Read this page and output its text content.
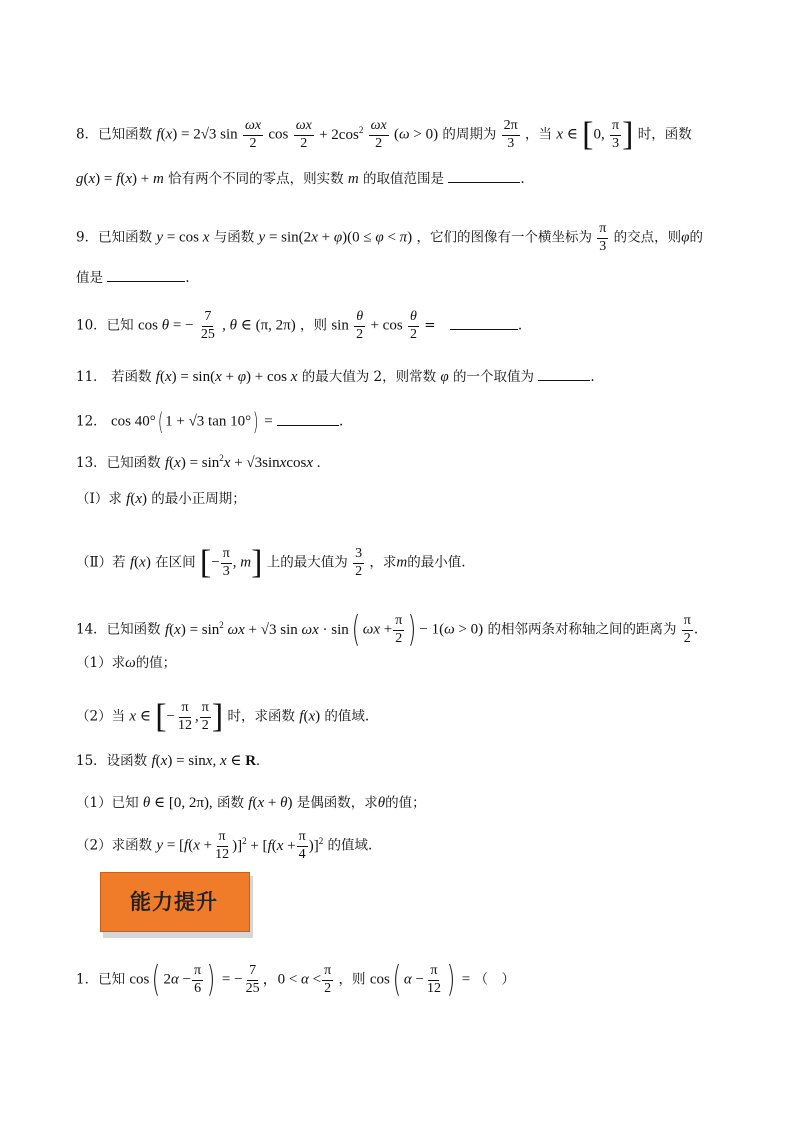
8．已知函数 f(x) = 2√3 $\sin \frac{\omega x}{2}$ $\cos \frac{\omega x}{2} + 2\cos^2 \frac{\omega x}{2} (\omega > 0)$ 的周期为 $\frac{2\pi}{3}$ ，当 x ∈ [0, $\frac{\pi}{3}$ ] 时，函数
g(x) = f(x) + m 恰有两个不同的零点，则实数 m 的取值范围是	.
9．已知函数 y = cos x 与函数 y = sin(2x + φ)(0 ≤ φ < π) ，它们的图像有一个横坐标为 $\frac{\pi}{3}$ 的交点，则φ的
值是	.
10．已知 cos θ = − $\frac{7}{25}$ , θ ∈ (π, 2π) ，则 $\sin \frac{\theta}{2} + \cos \frac{\theta}{2}$ =	.
11． 若函数 f(x) = sin(x + φ) + cos x 的最大值为 2，则常数 φ 的一个取值为	.
12． cos 40°( 1 + √3 tan 10°) =	.
13．已知函数 $f(x) = \sin^2x$ + √3sinxcosx .
（Ⅰ）求 f(x) 的最小正周期；
（Ⅱ）若 f(x) 在区间 [− $\frac{\pi}{3}$ , m] 上的最大值为 $\frac{3}{2}$ ，求m的最小值.
14．已知函数 $f(x) = \sin^2 \omega x + √3$ sin ωx · sin( $\omega x + \frac{\pi}{2}$ ) − 1(ω > 0) 的相邻两条对称轴之间的距离为 $\frac{\pi}{2}$ .
（1）求ω的值；
（2）当 x ∈ [− $\frac{\pi}{12}$ , $\frac{\pi}{2}$ ] 时，求函数 f(x) 的值域.
15．设函数 f(x) = sinx, x ∈ R.
（1）已知 θ ∈ [0, 2π), 函数 f(x + θ) 是偶函数，求θ的值；
（2）求函数 $y = [f(x + \frac{\pi}{12} )]^2 + [f(x + \frac{\pi}{4} )]^2$ 的值域.
能力提升
1．已知 cos( $2\alpha - \frac{\pi}{6}$ ) = − $\frac{7}{25}$ ，$0 < \alpha < \frac{\pi}{2}$ ，则 cos( $\alpha - \frac{\pi}{12}$ ) = （　）
